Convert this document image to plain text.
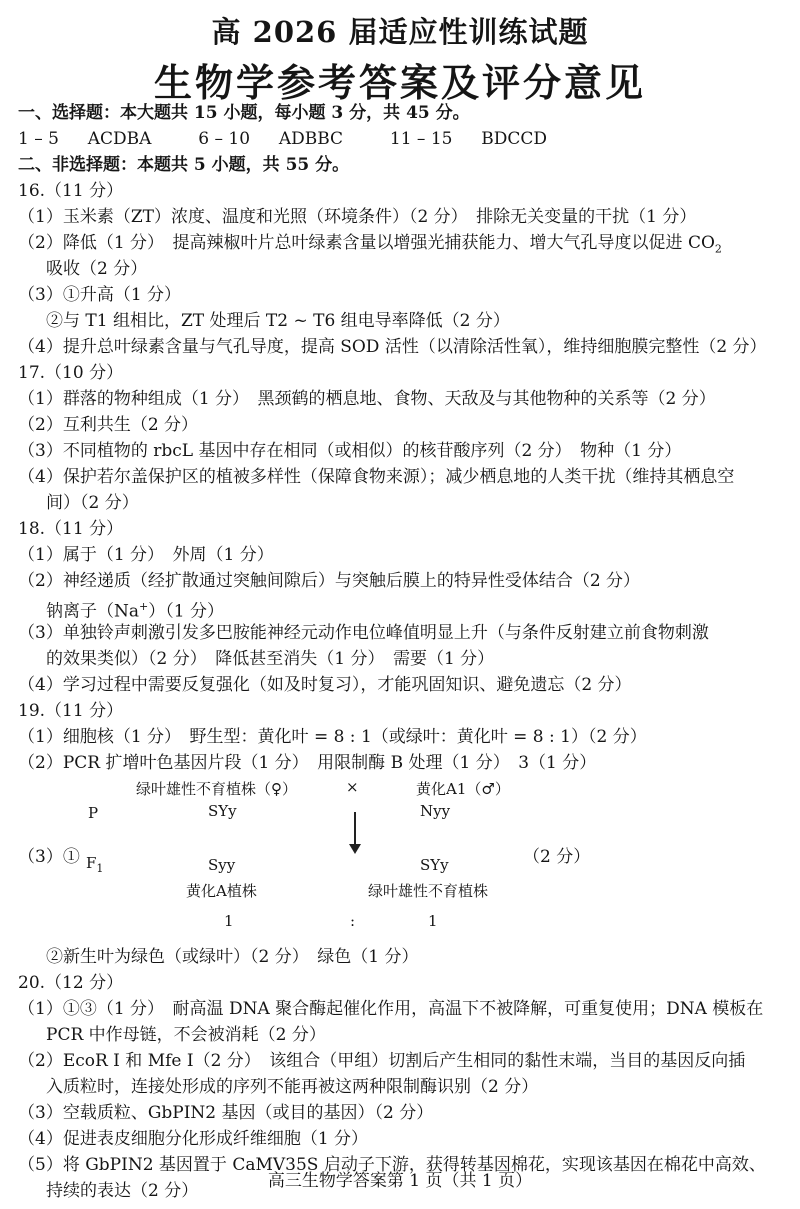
高 2026 届适应性训练试题
生物学参考答案及评分意见
一、选择题：本大题共 15 小题，每小题 3 分，共 45 分。
1 – 5 ACDBA	6 – 10 ADBBC	11 – 15 BDCCD
二、非选择题：本题共 5 小题，共 55 分。
16.（11 分）
（1）玉米素（ZT）浓度、温度和光照（环境条件）（2 分）　排除无关变量的干扰（1 分）
（2）降低（1 分）　提高辣椒叶片总叶绿素含量以增强光捕获能力、增大气孔导度以促进 $CO_2$
吸收（2 分）
（3）①升高（1 分）
②与 T1 组相比，ZT 处理后 T2 ~ T6 组电导率降低（2 分）
（4）提升总叶绿素含量与气孔导度，提高 SOD 活性（以清除活性氧），维持细胞膜完整性（2 分）
17.（10 分）
（1）群落的物种组成（1 分）　黑颈鹤的栖息地、食物、天敌及与其他物种的关系等（2 分）
（2）互利共生（2 分）
（3）不同植物的 rbcL 基因中存在相同（或相似）的核苷酸序列（2 分）　物种（1 分）
（4）保护若尔盖保护区的植被多样性（保障食物来源）；减少栖息地的人类干扰（维持其栖息空
间）（2 分）
18.（11 分）
（1）属于（1 分）　外周（1 分）
（2）神经递质（经扩散通过突触间隙后）与突触后膜上的特异性受体结合（2 分）
钠离子（Na+）（1 分）
（3）单独铃声刺激引发多巴胺能神经元动作电位峰值明显上升（与条件反射建立前食物刺激
的效果类似）（2 分）　降低甚至消失（1 分）　需要（1 分）
（4）学习过程中需要反复强化（如及时复习），才能巩固知识、避免遗忘（2 分）
19.（11 分）
（1）细胞核（1 分）　野生型：黄化叶 = 8 : 1（或绿叶：黄化叶 = 8 : 1）（2 分）
（2）PCR 扩增叶色基因片段（1 分）　用限制酶 B 处理（1 分）　3（1 分）
绿叶雄性不育植株（♀）	×	黄化A1（♂）
P	SYy	Nyy
（3）①	（2 分）
$F_1$	Syy	SYy
黄化A植株	绿叶雄性不育植株
1	:	1
②新生叶为绿色（或绿叶）（2 分）　绿色（1 分）
20.（12 分）
（1）①③（1 分）　耐高温 DNA 聚合酶起催化作用，高温下不被降解，可重复使用；DNA 模板在
PCR 中作母链，不会被消耗（2 分）
（2）EcoR Ⅰ 和 Mfe Ⅰ（2 分）　该组合（甲组）切割后产生相同的黏性末端，当目的基因反向插
入质粒时，连接处形成的序列不能再被这两种限制酶识别（2 分）
（3）空载质粒、GbPIN2 基因（或目的基因）（2 分）
（4）促进表皮细胞分化形成纤维细胞（1 分）
（5）将 GbPIN2 基因置于 CaMV35S 启动子下游，获得转基因棉花，实现该基因在棉花中高效、
持续的表达（2 分）	高三生物学答案第 1 页（共 1 页）
